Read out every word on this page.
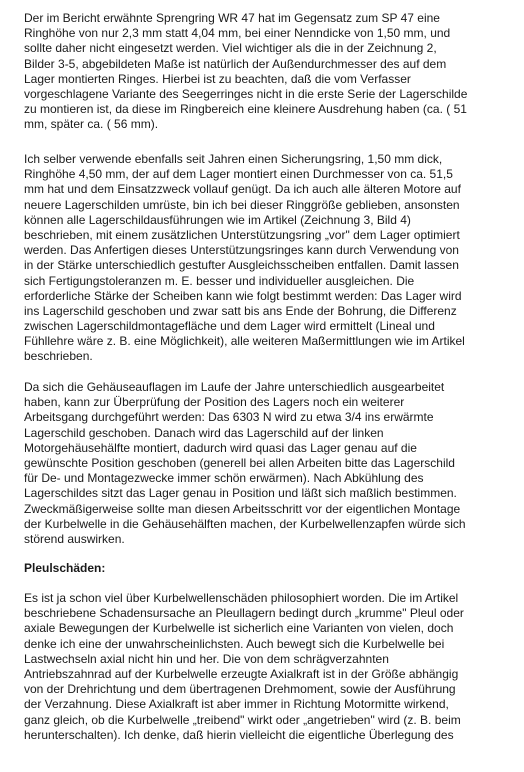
Der im Bericht erwähnte Sprengring WR 47 hat im Gegensatz zum SP 47 eine
Ringhöhe von nur 2,3 mm statt 4,04 mm, bei einer Nenndicke von 1,50 mm, und
sollte daher nicht eingesetzt werden. Viel wichtiger als die in der Zeichnung 2,
Bilder 3-5, abgebildeten Maße ist natürlich der Außendurchmesser des auf dem
Lager montierten Ringes. Hierbei ist zu beachten, daß die vom Verfasser
vorgeschlagene Variante des Seegerringes nicht in die erste Serie der Lagerschilde
zu montieren ist, da diese im Ringbereich eine kleinere Ausdrehung haben (ca. ( 51
mm, später ca. ( 56 mm).
Ich selber verwende ebenfalls seit Jahren einen Sicherungsring, 1,50 mm dick,
Ringhöhe 4,50 mm, der auf dem Lager montiert einen Durchmesser von ca. 51,5
mm hat und dem Einsatzzweck vollauf genügt. Da ich auch alle älteren Motore auf
neuere Lagerschilden umrüste, bin ich bei dieser Ringgröße geblieben, ansonsten
können alle Lagerschildausführungen wie im Artikel (Zeichnung 3, Bild 4)
beschrieben, mit einem zusätzlichen Unterstützungsring „vor" dem Lager optimiert
werden. Das Anfertigen dieses Unterstützungsringes kann durch Verwendung von
in der Stärke unterschiedlich gestufter Ausgleichsscheiben entfallen. Damit lassen
sich Fertigungstoleranzen m. E. besser und individueller ausgleichen. Die
erforderliche Stärke der Scheiben kann wie folgt bestimmt werden: Das Lager wird
ins Lagerschild geschoben und zwar satt bis ans Ende der Bohrung, die Differenz
zwischen Lagerschildmontagefläche und dem Lager wird ermittelt (Lineal und
Fühllehre wäre z. B. eine Möglichkeit), alle weiteren Maßermittlungen wie im Artikel
beschrieben.
Da sich die Gehäuseauflagen im Laufe der Jahre unterschiedlich ausgearbeitet
haben, kann zur Überprüfung der Position des Lagers noch ein weiterer
Arbeitsgang durchgeführt werden: Das 6303 N wird zu etwa 3/4 ins erwärmte
Lagerschild geschoben. Danach wird das Lagerschild auf der linken
Motorgehäusehälfte montiert, dadurch wird quasi das Lager genau auf die
gewünschte Position geschoben (generell bei allen Arbeiten bitte das Lagerschild
für De- und Montagezwecke immer schön erwärmen). Nach Abkühlung des
Lagerschildes sitzt das Lager genau in Position und läßt sich maßlich bestimmen.
Zweckmäßigerweise sollte man diesen Arbeitsschritt vor der eigentlichen Montage
der Kurbelwelle in die Gehäusehälften machen, der Kurbelwellenzapfen würde sich
störend auswirken.
Pleulschäden:
Es ist ja schon viel über Kurbelwellenschäden philosophiert worden. Die im Artikel
beschriebene Schadensursache an Pleullagern bedingt durch „krumme" Pleul oder
axiale Bewegungen der Kurbelwelle ist sicherlich eine Varianten von vielen, doch
denke ich eine der unwahrscheinlichsten. Auch bewegt sich die Kurbelwelle bei
Lastwechseln axial nicht hin und her. Die von dem schrägverzahnten
Antriebszahnrad auf der Kurbelwelle erzeugte Axialkraft ist in der Größe abhängig
von der Drehrichtung und dem übertragenen Drehmoment, sowie der Ausführung
der Verzahnung. Diese Axialkraft ist aber immer in Richtung Motormitte wirkend,
ganz gleich, ob die Kurbelwelle „treibend" wirkt oder „angetrieben" wird (z. B. beim
herunterschalten). Ich denke, daß hierin vielleicht die eigentliche Überlegung des
